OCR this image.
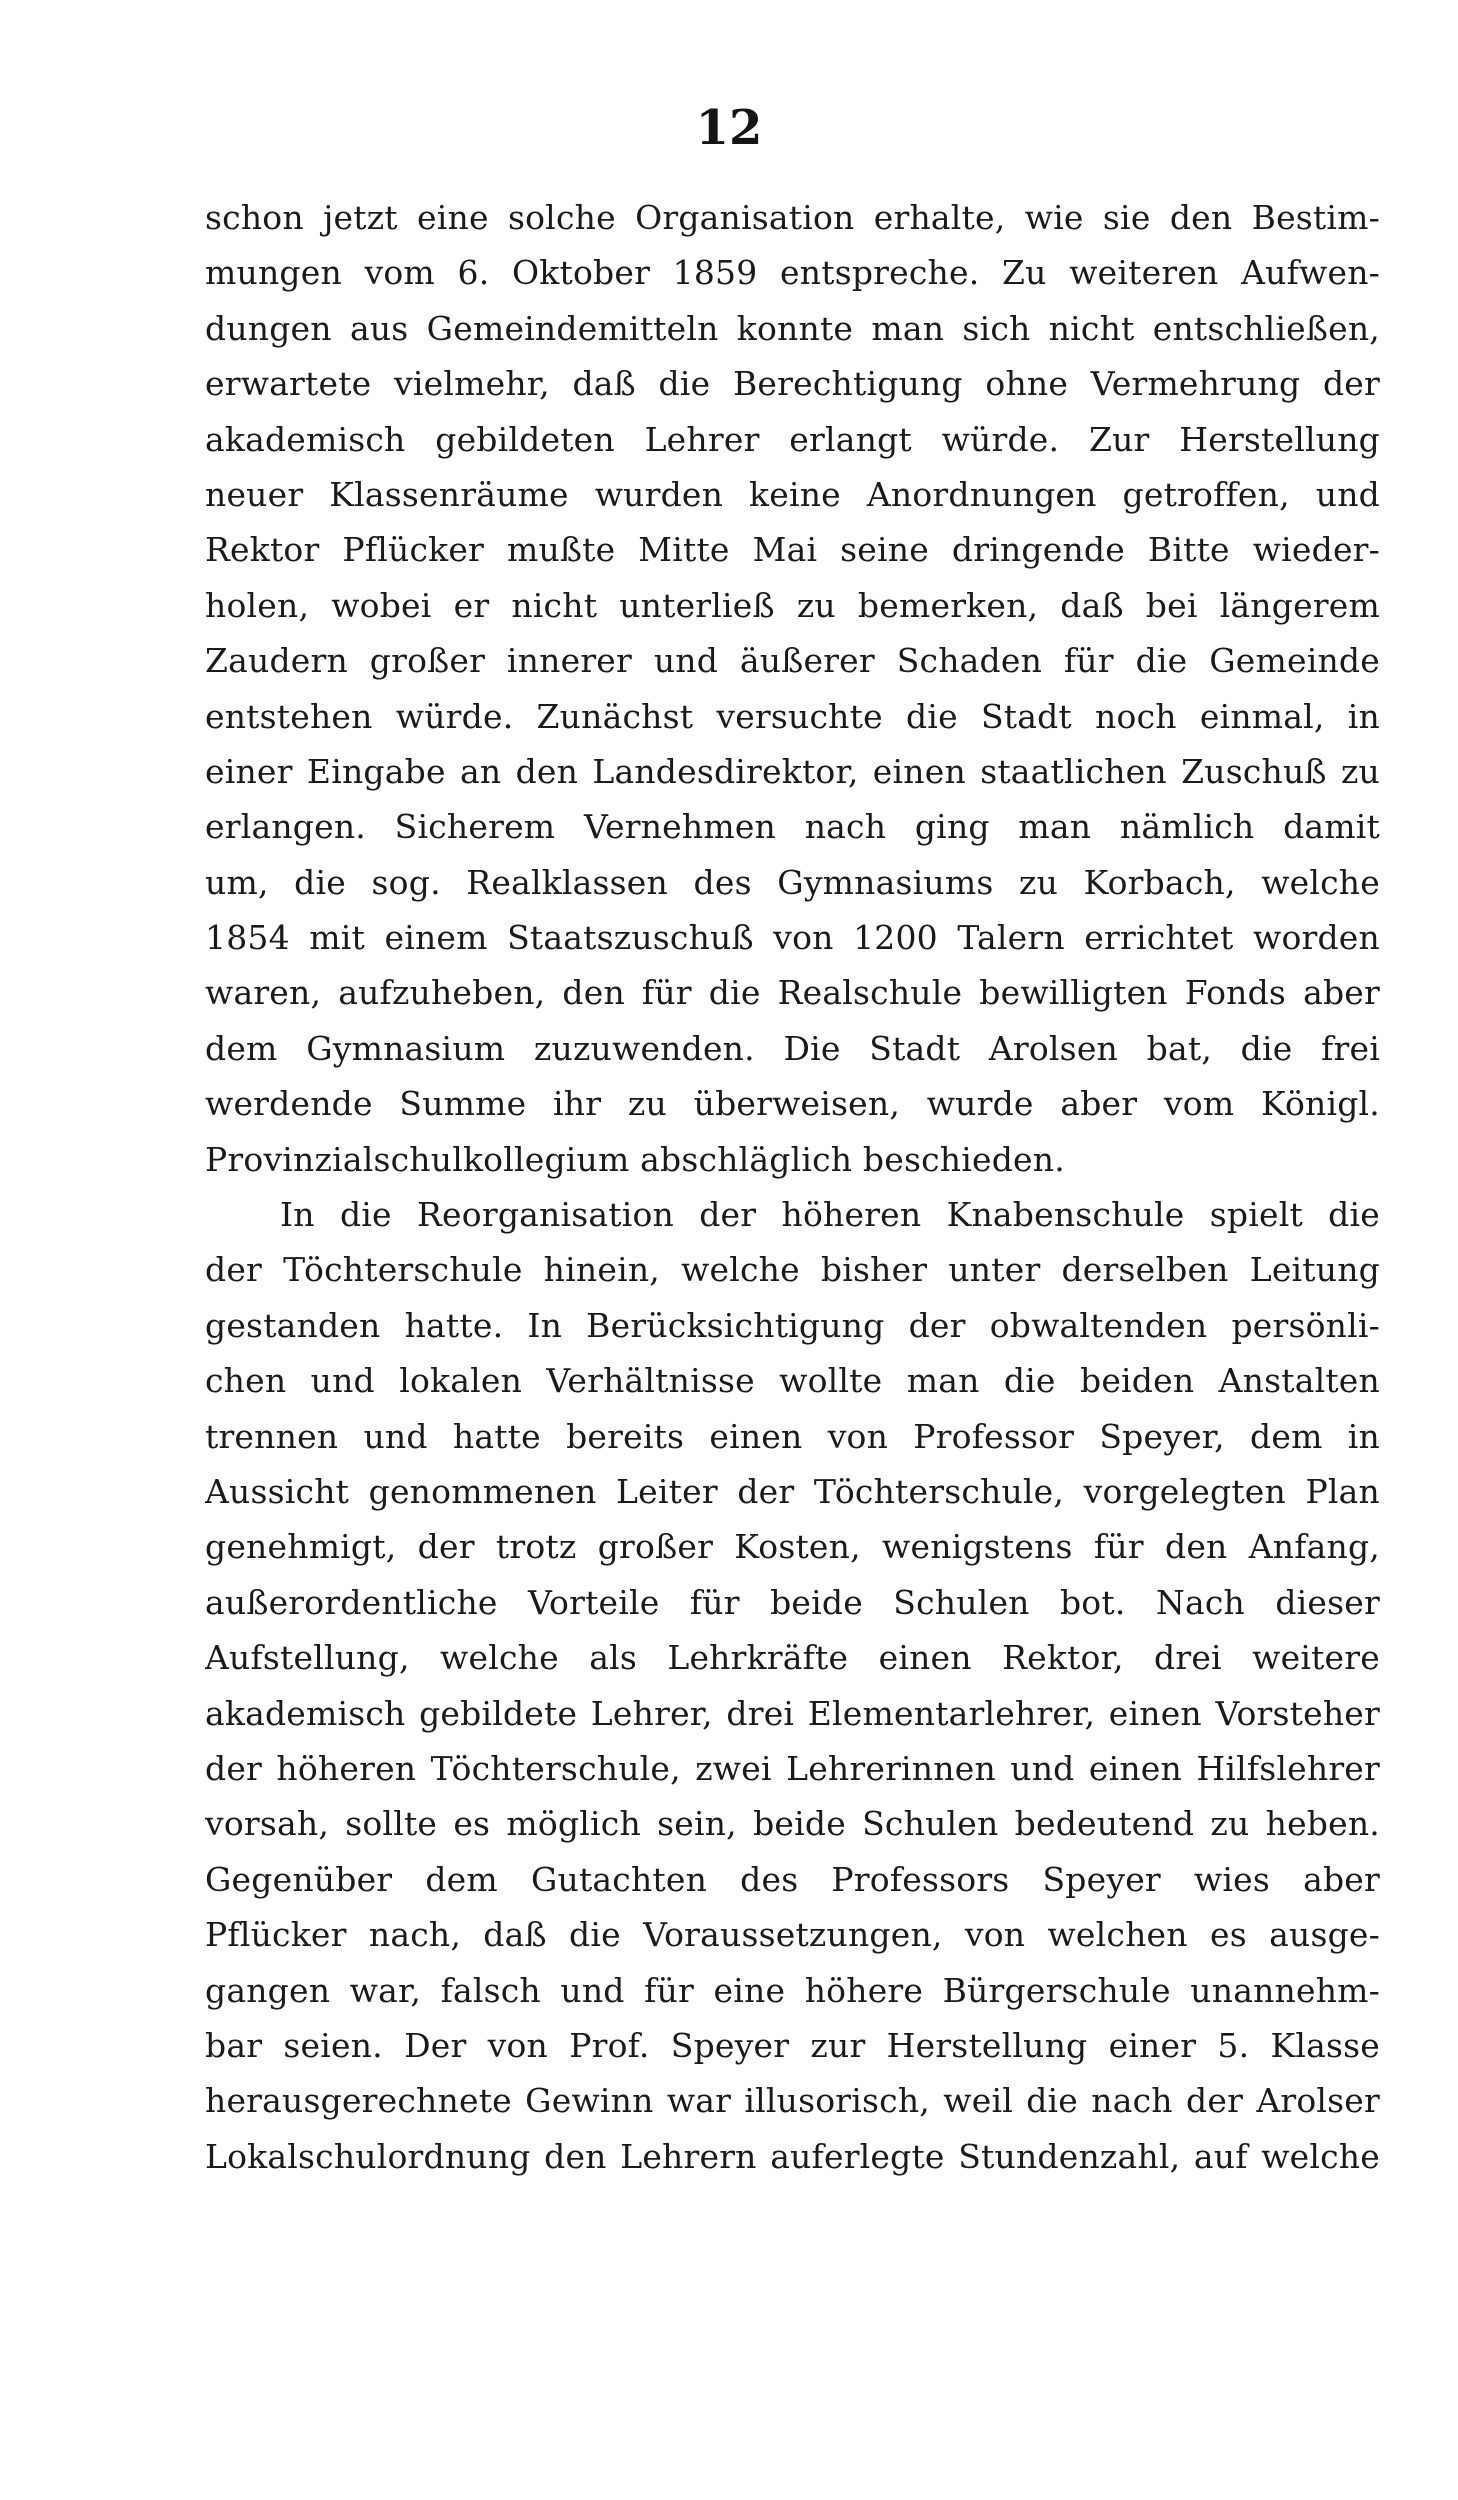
12
schon jetzt eine solche Organisation erhalte, wie sie den Bestim-
mungen vom 6. Oktober 1859 entspreche. Zu weiteren Aufwen-
dungen aus Gemeindemitteln konnte man sich nicht entschließen,
erwartete vielmehr, daß die Berechtigung ohne Vermehrung der
akademisch gebildeten Lehrer erlangt würde. Zur Herstellung
neuer Klassenräume wurden keine Anordnungen getroffen, und
Rektor Pflücker mußte Mitte Mai seine dringende Bitte wieder-
holen, wobei er nicht unterließ zu bemerken, daß bei längerem
Zaudern großer innerer und äußerer Schaden für die Gemeinde
entstehen würde. Zunächst versuchte die Stadt noch einmal, in
einer Eingabe an den Landesdirektor, einen staatlichen Zuschuß zu
erlangen. Sicherem Vernehmen nach ging man nämlich damit
um, die sog. Realklassen des Gymnasiums zu Korbach, welche
1854 mit einem Staatszuschuß von 1200 Talern errichtet worden
waren, aufzuheben, den für die Realschule bewilligten Fonds aber
dem Gymnasium zuzuwenden. Die Stadt Arolsen bat, die frei
werdende Summe ihr zu überweisen, wurde aber vom Königl.
Provinzialschulkollegium abschläglich beschieden.
In die Reorganisation der höheren Knabenschule spielt die
der Töchterschule hinein, welche bisher unter derselben Leitung
gestanden hatte. In Berücksichtigung der obwaltenden persönli-
chen und lokalen Verhältnisse wollte man die beiden Anstalten
trennen und hatte bereits einen von Professor Speyer, dem in
Aussicht genommenen Leiter der Töchterschule, vorgelegten Plan
genehmigt, der trotz großer Kosten, wenigstens für den Anfang,
außerordentliche Vorteile für beide Schulen bot. Nach dieser
Aufstellung, welche als Lehrkräfte einen Rektor, drei weitere
akademisch gebildete Lehrer, drei Elementarlehrer, einen Vorsteher
der höheren Töchterschule, zwei Lehrerinnen und einen Hilfslehrer
vorsah, sollte es möglich sein, beide Schulen bedeutend zu heben.
Gegenüber dem Gutachten des Professors Speyer wies aber
Pflücker nach, daß die Voraussetzungen, von welchen es ausge-
gangen war, falsch und für eine höhere Bürgerschule unannehm-
bar seien. Der von Prof. Speyer zur Herstellung einer 5. Klasse
herausgerechnete Gewinn war illusorisch, weil die nach der Arolser
Lokalschulordnung den Lehrern auferlegte Stundenzahl, auf welche
